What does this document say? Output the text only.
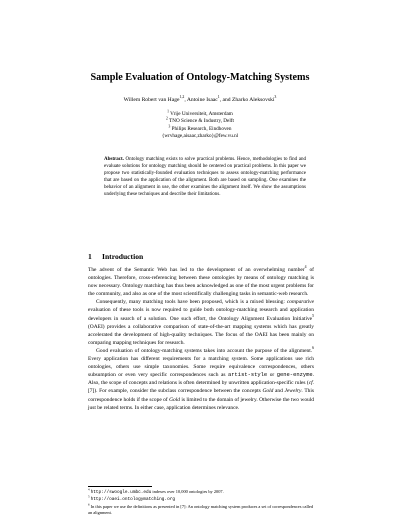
Sample Evaluation of Ontology-Matching Systems
Willem Robert van Hage$^{1,2}$, Antoine Isaac$^1$, and Zharko Aleksovski$^3$
$^1$ Vrije Universiteit, Amsterdam
$^2$ TNO Science & Industry, Delft
$^3$ Philips Research, Eindhoven
{wrvhage,aisaac,zharko}@few.vu.nl
Abstract. Ontology matching exists to solve practical problems. Hence, methodologies to find and evaluate solutions for ontology matching should be centered on practical problems. In this paper we propose two statistically-founded evaluation techniques to assess ontology-matching performance that are based on the application of the alignment. Both are based on sampling. One examines the behavior of an alignment in use, the other examines the alignment itself. We show the assumptions underlying these techniques and describe their limitations.
1 Introduction

The advent of the Semantic Web has led to the development of an overwhelming number$^4$ of ontologies. Therefore, cross-referencing between these ontologies by means of ontology matching is now necessary. Ontology matching has thus been acknowledged as one of the most urgent problems for the community, and also as one of the most scientifically challenging tasks in semantic-web research.

Consequently, many matching tools have been proposed, which is a mixed blessing: comparative evaluation of these tools is now required to guide both ontology-matching research and application developers in search of a solution. One such effort, the Ontology Alignment Evaluation Initiative$^5$ (OAEI) provides a collaborative comparison of state-of-the-art mapping systems which has greatly accelerated the development of high-quality techniques. The focus of the OAEI has been mainly on comparing mapping techniques for research.

Good evaluation of ontology-matching systems takes into account the purpose of the alignment.$^6$ Every application has different requirements for a matching system. Some applications use rich ontologies, others use simple taxonomies. Some require equivalence correspondences, others subsumption or even very specific correspondences such as artist-style or gene-enzyme. Also, the scope of concepts and relations is often determined by unwritten application-specific rules (cf. [7]). For example, consider the subclass correspondence between the concepts Gold and Jewelry. This correspondence holds if the scope of Gold is limited to the domain of jewelry. Otherwise the two would just be related terms. In either case, application determines relevance.

$^4$ http://swoogle.umbc.edu indexes over 10,000 ontologies by 2007.
$^5$ http://oaei.ontologymatching.org
$^6$ In this paper we use the definitions as presented in [7]: An ontology matching system produces a set of correspondences called an alignment.
